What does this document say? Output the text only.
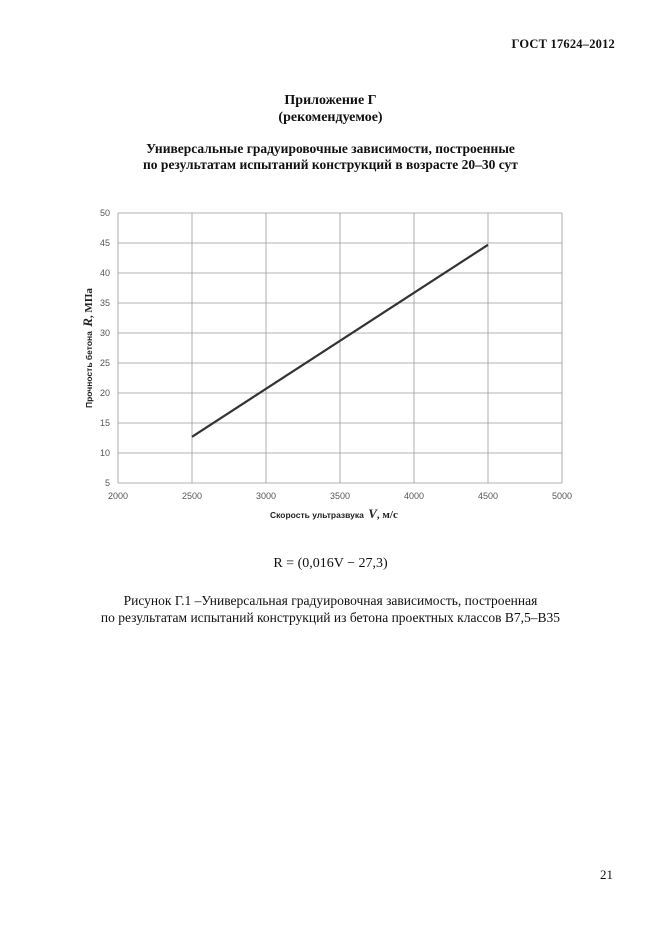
ГОСТ 17624–2012
Приложение Г
(рекомендуемое)
Универсальные градуировочные зависимости, построенные
по результатам испытаний конструкций в возрасте 20–30 сут
5
10
15
20
25
30
35
40
45
50
2000	2500	3000	3500	4000	4500	5000
Скорость ультразвука V, м/с
Прочность бетона R, МПа
R = (0,016V − 27,3)
Рисунок Г.1 –Универсальная градуировочная зависимость, построенная
по результатам испытаний конструкций из бетона проектных классов В7,5–В35
21
